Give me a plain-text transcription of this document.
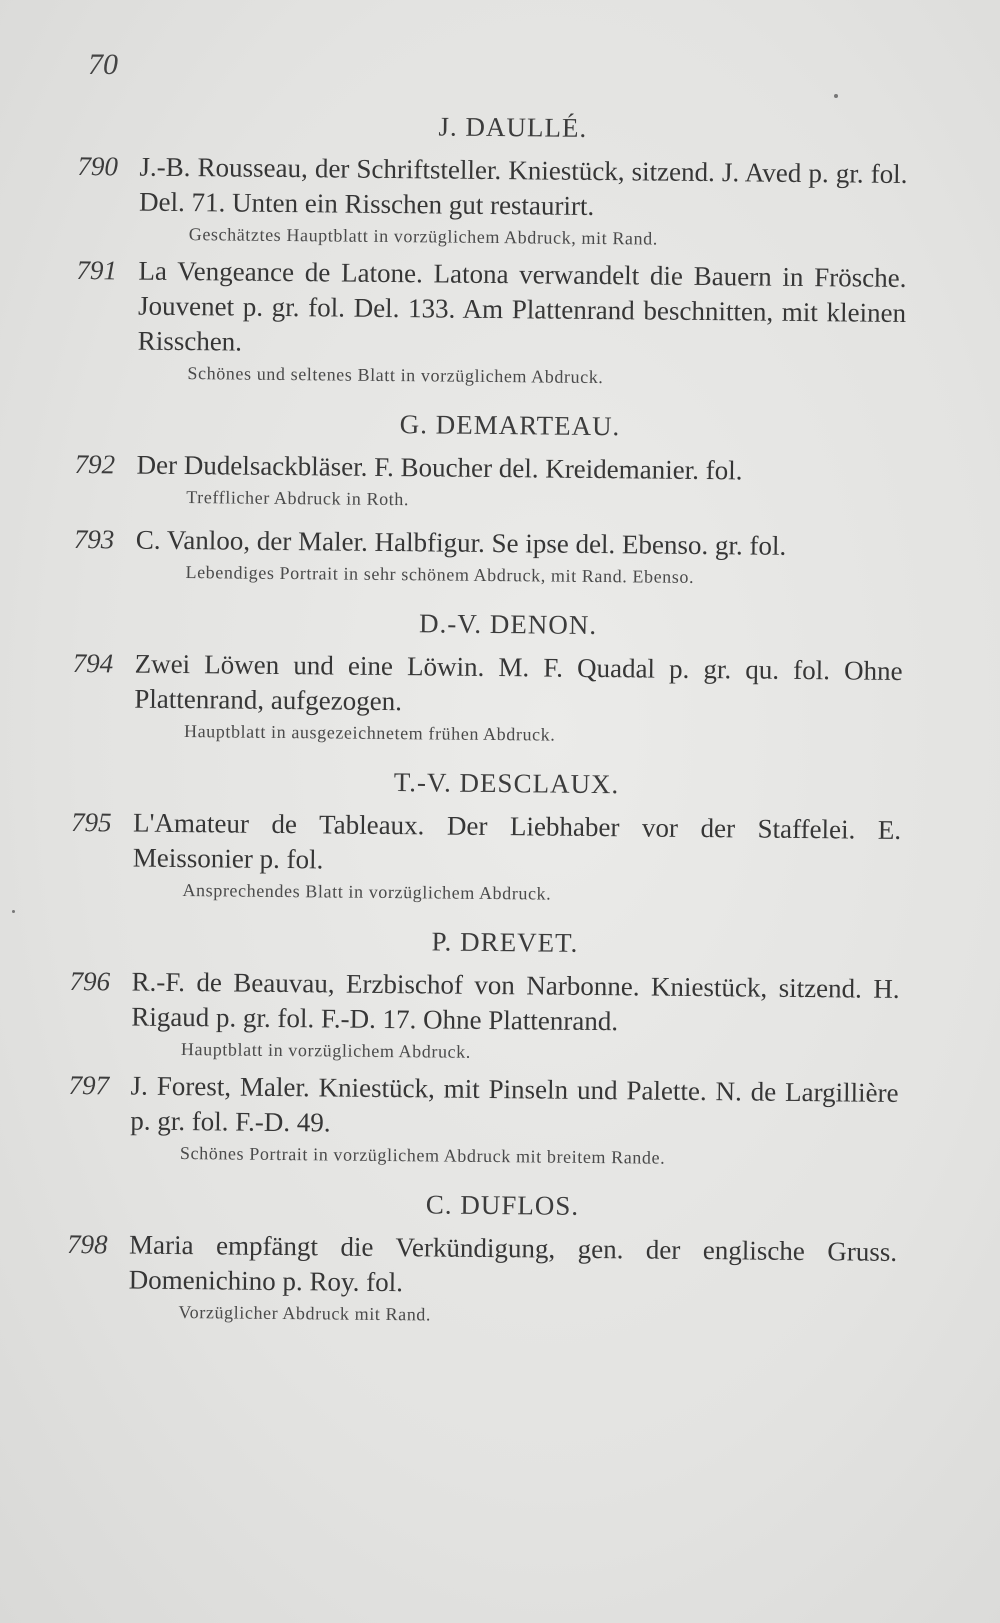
70
J. DAULLÉ.
790 J.-B. Rousseau, der Schriftsteller. Kniestück, sitzend. J. Aved p. gr. fol. Del. 71. Unten ein Risschen gut restaurirt.
Geschätztes Hauptblatt in vorzüglichem Abdruck, mit Rand.
791 La Vengeance de Latone. Latona verwandelt die Bauern in Frösche. Jouvenet p. gr. fol. Del. 133. Am Plattenrand beschnitten, mit kleinen Risschen.
Schönes und seltenes Blatt in vorzüglichem Abdruck.
G. DEMARTEAU.
792 Der Dudelsackbläser. F. Boucher del. Kreidemanier. fol.
Trefflicher Abdruck in Roth.
793 C. Vanloo, der Maler. Halbfigur. Se ipse del. Ebenso. gr. fol.
Lebendiges Portrait in sehr schönem Abdruck, mit Rand. Ebenso.
D.-V. DENON.
794 Zwei Löwen und eine Löwin. M. F. Quadal p. gr. qu. fol. Ohne Plattenrand, aufgezogen.
Hauptblatt in ausgezeichnetem frühen Abdruck.
T.-V. DESCLAUX.
795 L'Amateur de Tableaux. Der Liebhaber vor der Staffelei. E. Meissonier p. fol.
Ansprechendes Blatt in vorzüglichem Abdruck.
P. DREVET.
796 R.-F. de Beauvau, Erzbischof von Narbonne. Kniestück, sitzend. H. Rigaud p. gr. fol. F.-D. 17. Ohne Plattenrand.
Hauptblatt in vorzüglichem Abdruck.
797 J. Forest, Maler. Kniestück, mit Pinseln und Palette. N. de Largillière p. gr. fol. F.-D. 49.
Schönes Portrait in vorzüglichem Abdruck mit breitem Rande.
C. DUFLOS.
798 Maria empfängt die Verkündigung, gen. der englische Gruss. Domenichino p. Roy. fol.
Vorzüglicher Abdruck mit Rand.
